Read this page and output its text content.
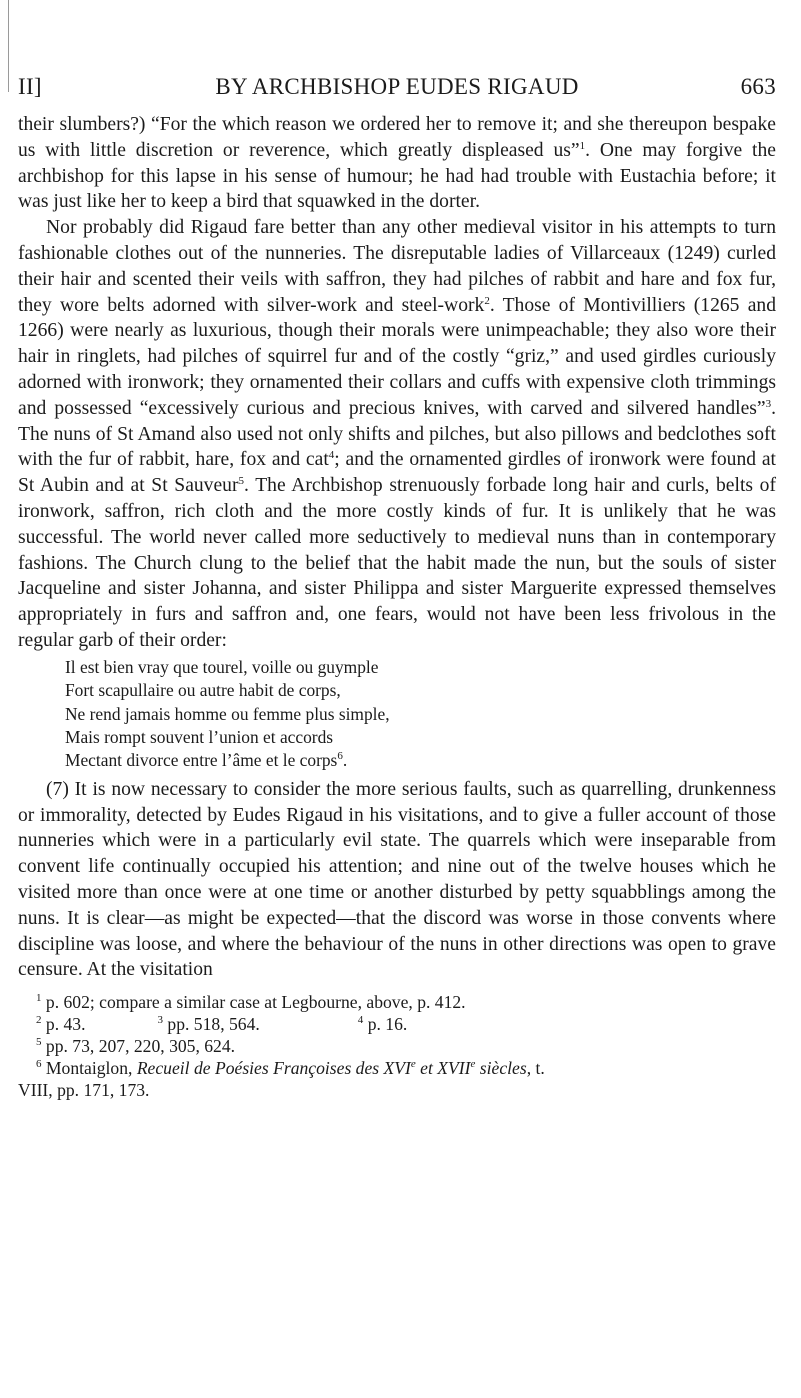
II]	BY ARCHBISHOP EUDES RIGAUD	663

their slumbers?) “For the which reason we ordered her to remove it; and she thereupon bespake us with little discretion or reverence, which greatly displeased us”$^1$. One may forgive the archbishop for this lapse in his sense of humour; he had had trouble with Eustachia before; it was just like her to keep a bird that squawked in the dorter.

Nor probably did Rigaud fare better than any other medieval visitor in his attempts to turn fashionable clothes out of the nunneries. The disreputable ladies of Villarceaux (1249) curled their hair and scented their veils with saffron, they had pilches of rabbit and hare and fox fur, they wore belts adorned with silver-work and steel-work$^2$. Those of Montivilliers (1265 and 1266) were nearly as luxurious, though their morals were unimpeachable; they also wore their hair in ringlets, had pilches of squirrel fur and of the costly “griz,” and used girdles curiously adorned with ironwork; they ornamented their collars and cuffs with expensive cloth trimmings and possessed “excessively curious and precious knives, with carved and silvered handles”$^3$. The nuns of St Amand also used not only shifts and pilches, but also pillows and bedclothes soft with the fur of rabbit, hare, fox and cat$^4$; and the ornamented girdles of ironwork were found at St Aubin and at St Sauveur$^5$. The Archbishop strenuously forbade long hair and curls, belts of ironwork, saffron, rich cloth and the more costly kinds of fur. It is unlikely that he was successful. The world never called more seductively to medieval nuns than in contemporary fashions. The Church clung to the belief that the habit made the nun, but the souls of sister Jacqueline and sister Johanna, and sister Philippa and sister Marguerite expressed themselves appropriately in furs and saffron and, one fears, would not have been less frivolous in the regular garb of their order:

Il est bien vray que tourel, voille ou guymple
Fort scapullaire ou autre habit de corps,
Ne rend jamais homme ou femme plus simple,
Mais rompt souvent l’union et accords
Mectant divorce entre l’âme et le corps$^6$.

(7) It is now necessary to consider the more serious faults, such as quarrelling, drunkenness or immorality, detected by Eudes Rigaud in his visitations, and to give a fuller account of those nunneries which were in a particularly evil state. The quarrels which were inseparable from convent life continually occupied his attention; and nine out of the twelve houses which he visited more than once were at one time or another disturbed by petty squabblings among the nuns. It is clear—as might be expected—that the discord was worse in those convents where discipline was loose, and where the behaviour of the nuns in other directions was open to grave censure. At the visitation

$^1$ p. 602; compare a similar case at Legbourne, above, p. 412.
$^2$ p. 43.	$^3$ pp. 518, 564.	$^4$ p. 16.
$^5$ pp. 73, 207, 220, 305, 624.
$^6$ Montaiglon, Recueil de Poésies Françoises des XVIe et XVIIe siècles, t.
VIII, pp. 171, 173.
